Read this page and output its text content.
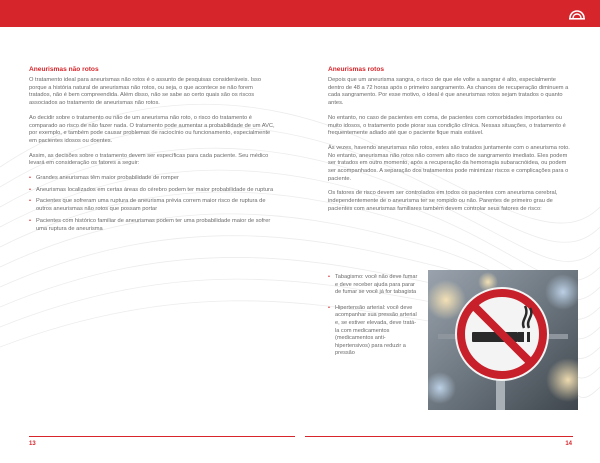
Aneurismas não rotos

O tratamento ideal para aneurismas não rotos é o assunto de pesquisas consideráveis. Isso porque a história natural de aneurismas não rotos, ou seja, o que acontece se não forem tratados, não é bem compreendida. Além disso, não se sabe ao certo quais são os riscos associados ao tratamento de aneurismas não rotos.

Ao decidir sobre o tratamento ou não de um aneurisma não roto, o risco do tratamento é comparado ao risco de não fazer nada. O tratamento pode aumentar a probabilidade de um AVC, por exemplo, e também pode causar problemas de raciocínio ou funcionamento, especialmente em pacientes idosos ou doentes.

Assim, as decisões sobre o tratamento devem ser específicas para cada paciente. Seu médico levará em consideração os fatores a seguir:

• Grandes aneurismas têm maior probabilidade de romper
• Aneurismas localizados em certas áreas do cérebro podem ter maior probabilidade de ruptura
• Pacientes que sofreram uma ruptura de aneurisma prévia correm maior risco de ruptura de outros aneurismas não rotos que possam portar
• Pacientes com histórico familiar de aneurismas podem ter uma probabilidade maior de sofrer uma ruptura de aneurisma
Aneurismas rotos

Depois que um aneurisma sangra, o risco de que ele volte a sangrar é alto, especialmente dentro de 48 a 72 horas após o primeiro sangramento. As chances de recuperação diminuem a cada sangramento. Por esse motivo, o ideal é que aneurismas rotos sejam tratados o quanto antes.

No entanto, no caso de pacientes em coma, de pacientes com comorbidades importantes ou muito idosos, o tratamento pode piorar sua condição clínica. Nessas situações, o tratamento é frequentemente adiado até que o paciente fique mais estável.

Às vezes, havendo aneurismas não rotos, estes são tratados juntamente com o aneurisma roto. No entanto, aneurismas não rotos não correm alto risco de sangramento imediato. Eles podem ser tratados em outro momento, após a recuperação da hemorragia subaracnóidea, ou podem ser acompanhados. A separação dos tratamentos pode minimizar riscos e complicações para o paciente.

Os fatores de risco devem ser controlados em todos os pacientes com aneurisma cerebral, independentemente de o aneurisma ter se rompido ou não. Parentes de primeiro grau de pacientes com aneurismas familiares também devem controlar seus fatores de risco:

• Tabagismo: você não deve fumar e deve receber ajuda para parar de fumar se você já for tabagista
• Hipertensão arterial: você deve acompanhar sua pressão arterial e, se estiver elevada, deve tratá-la com medicamentos (medicamentos anti-hipertensivos) para reduzir a pressão
13	14
